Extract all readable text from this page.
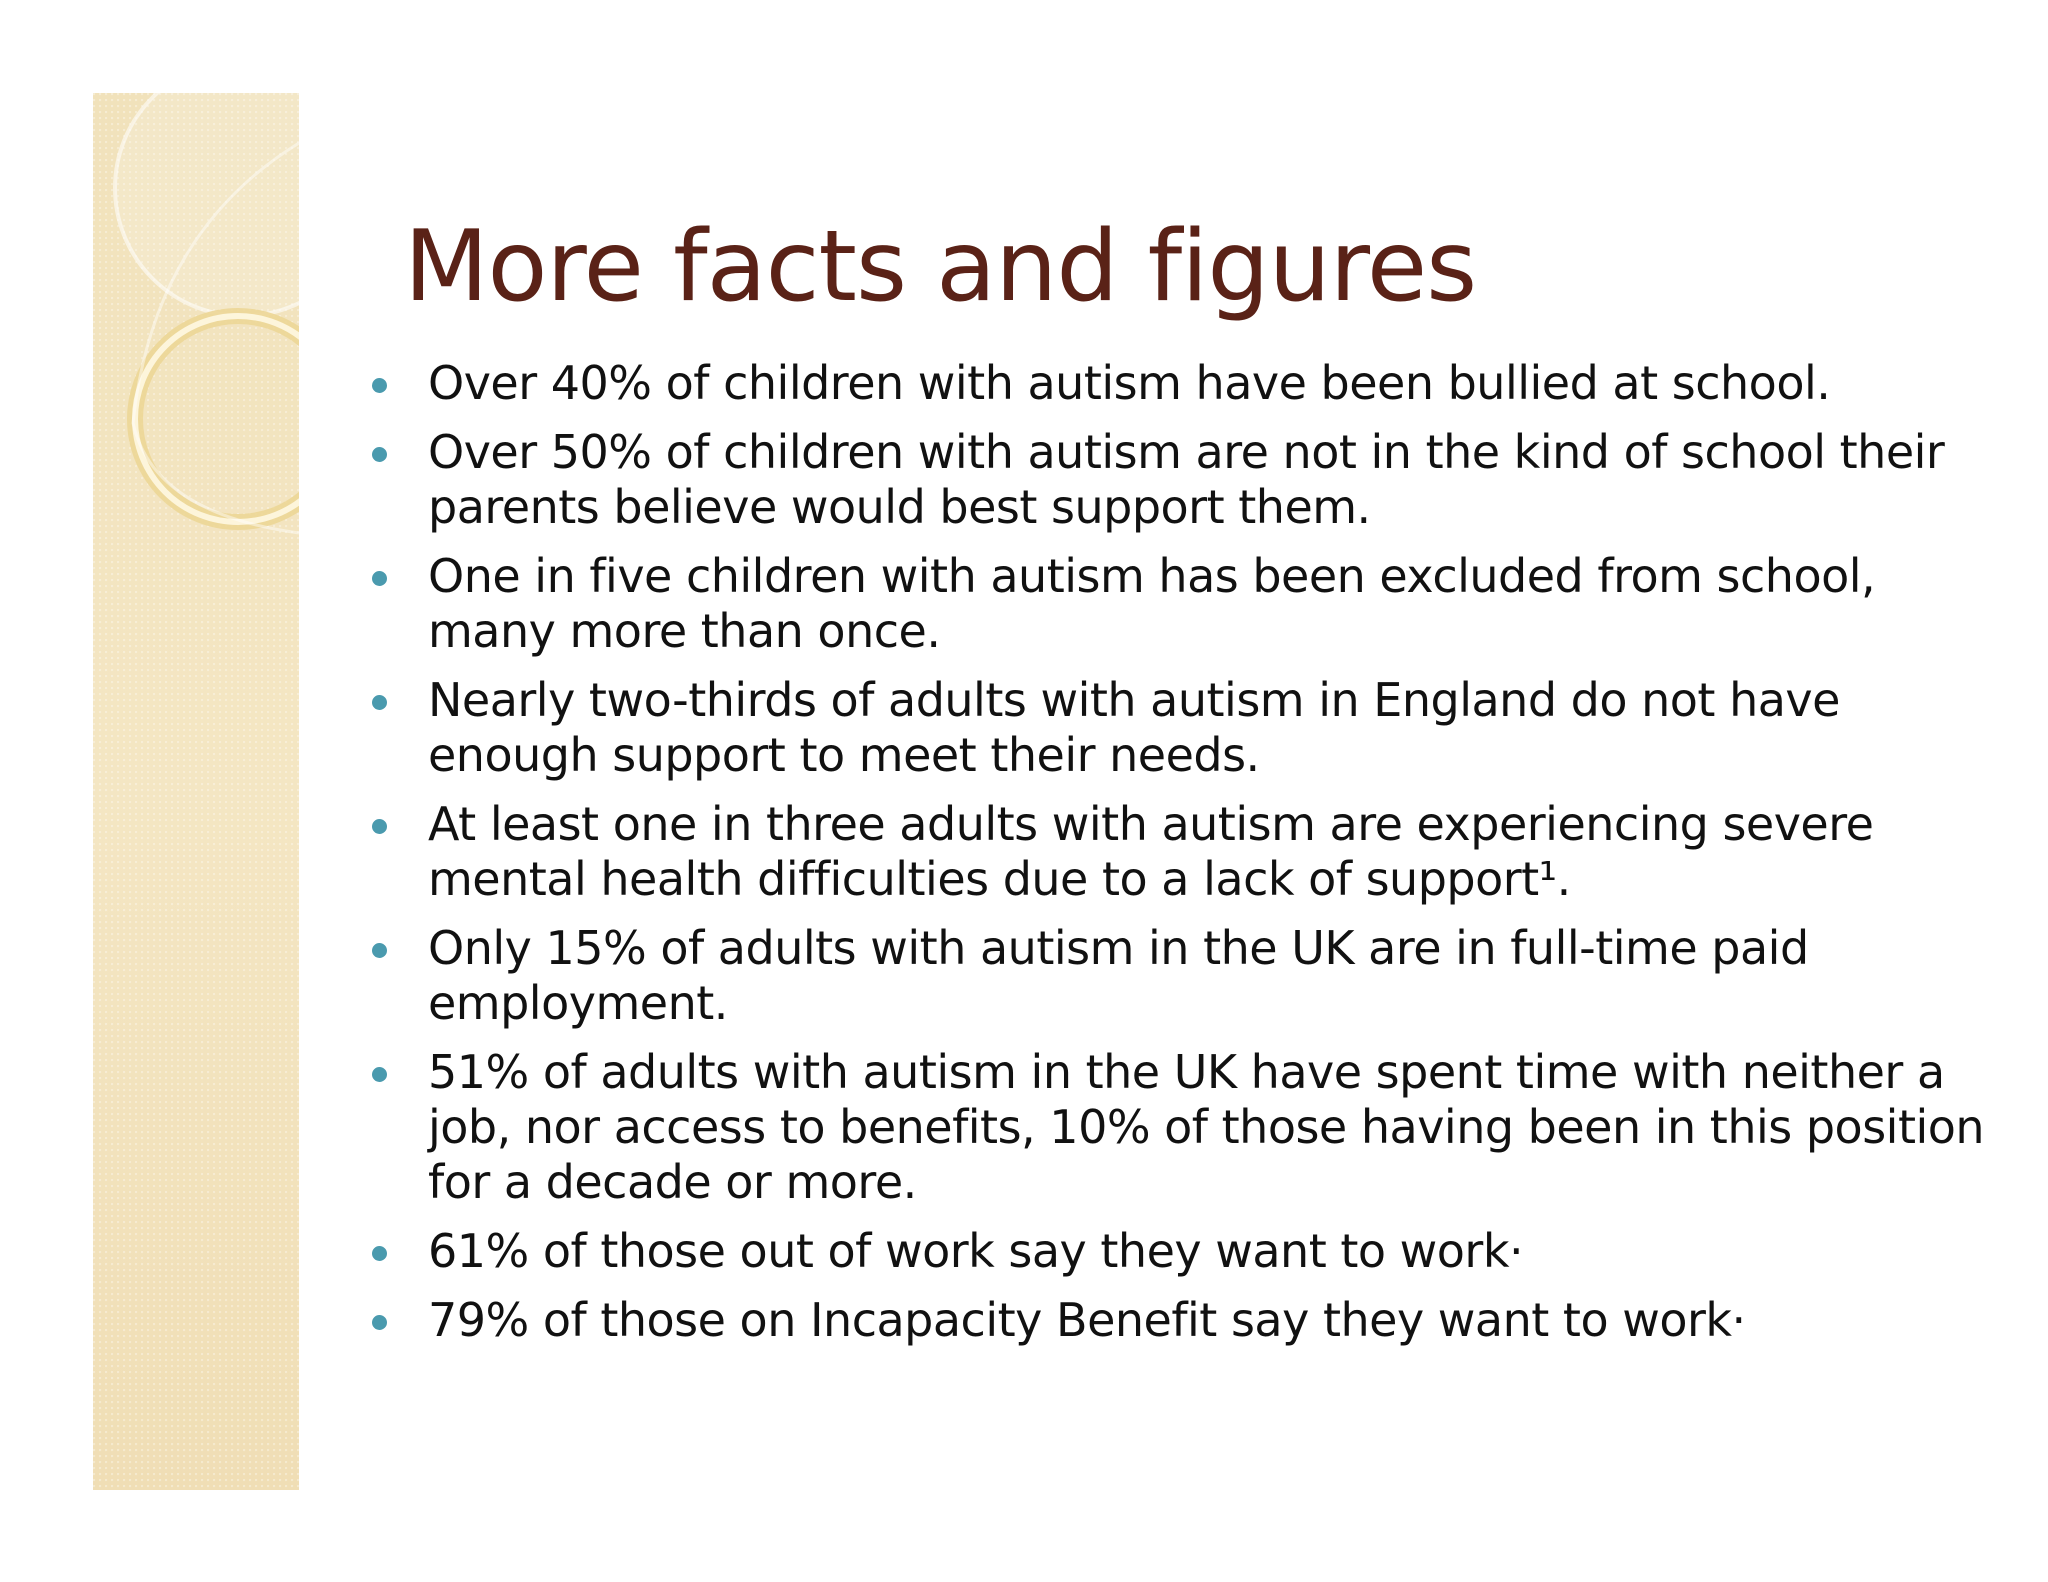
More facts and figures
Over 40% of children with autism have been bullied at school.
Over 50% of children with autism are not in the kind of school their parents believe would best support them.
One in five children with autism has been excluded from school, many more than once.
Nearly two-thirds of adults with autism in England do not have enough support to meet their needs.
At least one in three adults with autism are experiencing severe mental health difficulties due to a lack of support¹.
Only 15% of adults with autism in the UK are in full-time paid employment.
51% of adults with autism in the UK have spent time with neither a job, nor access to benefits, 10% of those having been in this position for a decade or more.
61% of those out of work say they want to work·
79% of those on Incapacity Benefit say they want to work·
